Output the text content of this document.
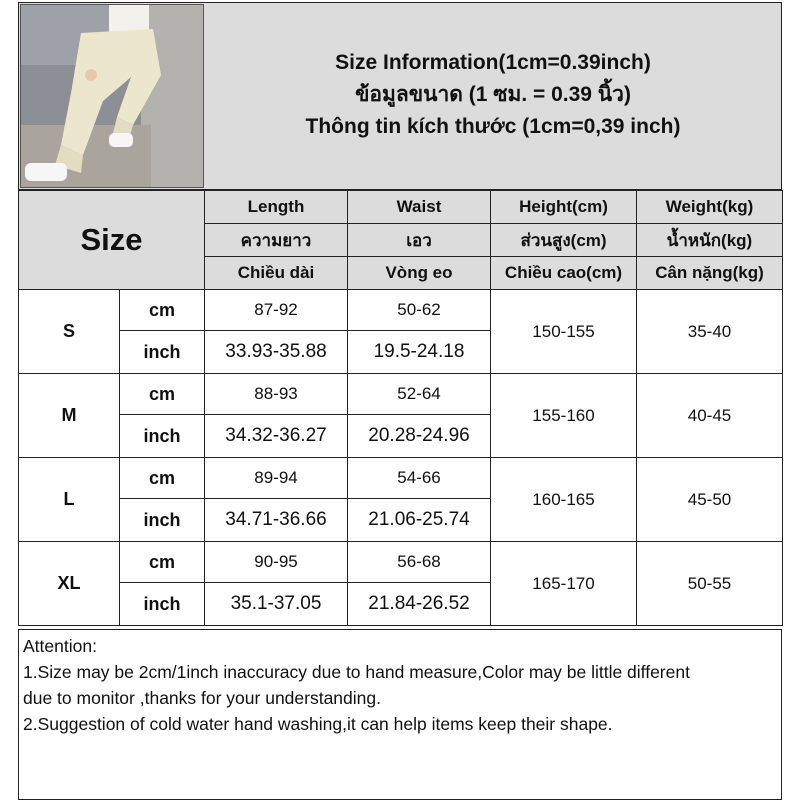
Size Information(1cm=0.39inch)
ข้อมูลขนาด (1 ซม. = 0.39 นิ้ว)
Thông tin kích thước (1cm=0,39 inch)
Size		Length	Waist	Height(cm)	Weight(kg)
		ความยาว	เอว	ส่วนสูง(cm)	น้ำหนัก(kg)
		Chiều dài	Vòng eo	Chiều cao(cm)	Cân nặng(kg)
S	cm	87-92	50-62	150-155	35-40
	inch	33.93-35.88	19.5-24.18		
M	cm	88-93	52-64	155-160	40-45
	inch	34.32-36.27	20.28-24.96		
L	cm	89-94	54-66	160-165	45-50
	inch	34.71-36.66	21.06-25.74		
XL	cm	90-95	56-68	165-170	50-55
	inch	35.1-37.05	21.84-26.52		

Attention:

1.Size may be 2cm/1inch inaccuracy due to hand measure,Color may be little different

due to monitor ,thanks for your understanding.

2.Suggestion of cold water hand washing,it can help items keep their shape.
